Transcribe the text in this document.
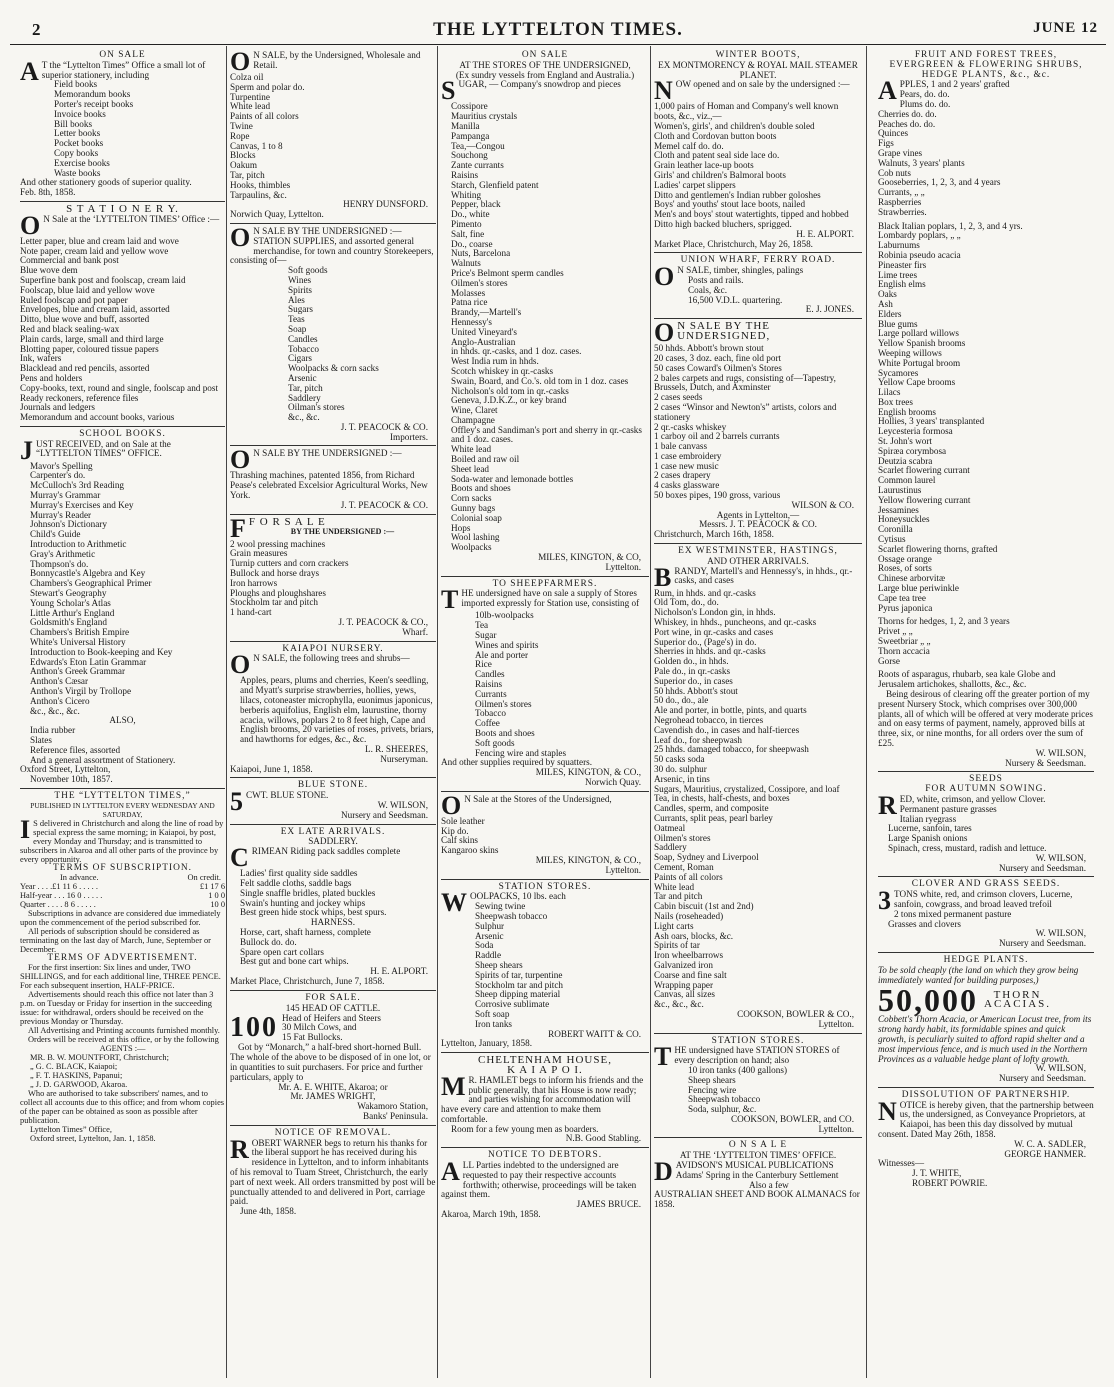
2	THE LYTTELTON TIMES.	JUNE 12
ON SALE

A T the “Lyttelton Times” Office a small lot of superior stationery, including

Field books
Memorandum books
Porter's receipt books
Invoice books
Bill books
Letter books
Pocket books
Copy books
Exercise books
Waste books

And other stationery goods of superior quality.

Feb. 8th, 1858.

S T A T I O N E R Y.

O N Sale at the ‘LYTTELTON TIMES’ Office :—

Letter paper, blue and cream laid and wove
Note paper, cream laid and yellow wove
Commercial and bank post
Blue wove dem
Superfine bank post and foolscap, cream laid
Foolscap, blue laid and yellow wove
Ruled foolscap and pot paper
Envelopes, blue and cream laid, assorted
Ditto, blue wove and buff, assorted
Red and black sealing-wax
Plain cards, large, small and third large
Blotting paper, coloured tissue papers
Ink, wafers
Blacklead and red pencils, assorted
Pens and holders
Copy-books, text, round and single, foolscap and post
Ready reckoners, reference files
Journals and ledgers
Memorandum and account books, various
SCHOOL BOOKS.

JUST RECEIVED, and on Sale at the “LYTTELTON TIMES” OFFICE.

Mavor's Spelling
Carpenter's do.
McCulloch's 3rd Reading
Murray's Grammar
Murray's Exercises and Key
Murray's Reader
Johnson's Dictionary
Child's Guide
Introduction to Arithmetic
Gray's Arithmetic
Thompson's do.
Bonnycastle's Algebra and Key
Chambers's Geographical Primer
Stewart's Geography
Young Scholar's Atlas
Little Arthur's England
Goldsmith's England
Chambers's British Empire
White's Universal History
Introduction to Book-keeping and Key
Edwards's Eton Latin Grammar
Anthon's Greek Grammar
Anthon's Cæsar
Anthon's Virgil by Trollope
Anthon's Cicero
&c., &c., &c.
ALSO,
India rubber
Slates
Reference files, assorted
And a general assortment of Stationery.

Oxford Street, Lyttelton,

November 10th, 1857.

THE “LYTTELTON TIMES,”
PUBLISHED IN LYTTELTON EVERY WEDNESDAY AND SATURDAY,

I S delivered in Christchurch and along the line of road by special express the same morning; in Kaiapoi, by post, every Monday and Thursday; and is transmitted to subscribers in Akaroa and all other parts of the province by every opportunity.

TERMS OF SUBSCRIPTION.
In advance.	On credit.
Year . . . .£1 11 6 . . . . .	£1 17 6
Half-year . . . 16 0 . . . . .	1 0 0
Quarter . . . . 8 6 . . . . .	10 0

Subscriptions in advance are considered due immediately upon the commencement of the period subscribed for.

All periods of subscription should be considered as terminating on the last day of March, June, September or December.

TERMS OF ADVERTISEMENT.

For the first insertion: Six lines and under, TWO SHILLINGS, and for each additional line, THREE PENCE. For each subsequent insertion, HALF-PRICE.

Advertisements should reach this office not later than 3 p.m. on Tuesday or Friday for insertion in the succeeding issue: for withdrawal, orders should be received on the previous Monday or Thursday.

All Advertising and Printing accounts furnished monthly.

Orders will be received at this office, or by the following

AGENTS :—
MR. B. W. MOUNTFORT, Christchurch;
„ G. C. BLACK, Kaiapoi;
„ F. T. HASKINS, Papanui;
„ J. D. GARWOOD, Akaroa.

Who are authorised to take subscribers' names, and to collect all accounts due to this office; and from whom copies of the paper can be obtained as soon as possible after publication.

Lyttelton Times” Office,

Oxford street, Lyttelton, Jan. 1, 1858.

O N SALE, by the Undersigned, Wholesale and Retail.

Colza oil
Sperm and polar do.
Turpentine
White lead
Paints of all colors
Twine
Rope
Canvas, 1 to 8
Blocks
Oakum
Tar, pitch
Hooks, thimbles
Tarpaulins, &c.
HENRY DUNSFORD.

Norwich Quay, Lyttelton.

O N SALE BY THE UNDERSIGNED :—

STATION SUPPLIES, and assorted general merchandise, for town and country Storekeepers, consisting of—

Soft goods
Wines
Spirits
Ales
Sugars
Teas
Soap
Candles
Tobacco
Cigars
Woolpacks & corn sacks
Arsenic
Tar, pitch
Saddlery
Oilman's stores
&c., &c.
J. T. PEACOCK & CO.
Importers.

O N SALE BY THE UNDERSIGNED :—

Thrashing machines, patented 1856, from Richard Pease's celebrated Excelsior Agricultural Works, New York.

J. T. PEACOCK & CO.

F F O R S A L E

BY THE UNDERSIGNED :—
2 wool pressing machines
Grain measures
Turnip cutters and corn crackers
Bullock and horse drays
Iron harrows
Ploughs and ploughshares
Stockholm tar and pitch
1 hand-cart
J. T. PEACOCK & CO.,
Wharf.
KAIAPOI NURSERY.

O N SALE, the following trees and shrubs—

Apples, pears, plums and cherries, Keen's seedling, and Myatt's surprise strawberries, hollies, yews, lilacs, cotoneaster microphylla, euonimus japonicus, berberis aquifolius, English elm, laurustine, thorny acacia, willows, poplars 2 to 8 feet high, Cape and English brooms, 20 varieties of roses, privets, briars, and hawthorns for edges, &c., &c.

L. R. SHEERES,
Nurseryman.

Kaiapoi, June 1, 1858.

BLUE STONE.

5 CWT. BLUE STONE.

W. WILSON,
Nursery and Seedsman.
EX LATE ARRIVALS.
SADDLERY.

CRIMEAN Riding pack saddles complete

Ladies' first quality side saddles
Felt saddle cloths, saddle bags
Single snaffle bridles, plated buckles
Swain's hunting and jockey whips
Best green hide stock whips, best spurs.
HARNESS.
Horse, cart, shaft harness, complete
Bullock do. do.
Spare open cart collars
Best gut and bone cart whips.
H. E. ALPORT.

Market Place, Christchurch, June 7, 1858.

FOR SALE.
145 HEAD OF CATTLE.
100 Head of Heifers and Steers
30 Milch Cows, and
15 Fat Bullocks.

Got by “Monarch,” a half-bred short-horned Bull. The whole of the above to be disposed of in one lot, or in quantities to suit purchasers. For price and further particulars, apply to

Mr. A. E. WHITE, Akaroa; or
Mr. JAMES WRIGHT,
Wakamoro Station,
Banks' Peninsula.
NOTICE OF REMOVAL.

ROBERT WARNER begs to return his thanks for the liberal support he has received during his residence in Lyttelton, and to inform inhabitants of his removal to Tuam Street, Christchurch, the early part of next week. All orders transmitted by post will be punctually attended to and delivered in Port, carriage paid.

June 4th, 1858.

ON SALE
AT THE STORES OF THE UNDERSIGNED,
(Ex sundry vessels from England and Australia.)

SUGAR, — Company's snowdrop and pieces

Cossipore
Mauritius crystals
Manilla
Pampanga
Tea,—Congou
Souchong
Zante currants
Raisins
Starch, Glenfield patent
Whiting
Pepper, black
Do., white
Pimento
Salt, fine
Do., coarse
Nuts, Barcelona
Walnuts
Price's Belmont sperm candles
Oilmen's stores
Molasses
Patna rice
Brandy,—Martell's
Hennessy's
United Vineyard's
Anglo-Australian
in hhds. qr.-casks, and 1 doz. cases.
West India rum in hhds.
Scotch whiskey in qr.-casks
Swain, Board, and Co.'s. old tom in 1 doz. cases
Nicholson's old tom in qr.-casks
Geneva, J.D.K.Z., or key brand
Wine, Claret
Champagne
Offley's and Sandiman's port and sherry in qr.-casks and 1 doz. cases.
White lead
Boiled and raw oil
Sheet lead
Soda-water and lemonade bottles
Boots and shoes
Corn sacks
Gunny bags
Colonial soap
Hops
Wool lashing
Woolpacks
MILES, KINGTON, & CO,
Lyttelton.
TO SHEEPFARMERS.

THE undersigned have on sale a supply of Stores imported expressly for Station use, consisting of

10lb-woolpacks
Tea
Sugar
Wines and spirits
Ale and porter
Rice
Candles
Raisins
Currants
Oilmen's stores
Tobacco
Coffee
Boots and shoes
Soft goods
Fencing wire and staples

And other supplies required by squatters.

MILES, KINGTON, & CO.,
Norwich Quay.

O N Sale at the Stores of the Undersigned,

Sole leather
Kip do.
Calf skins
Kangaroo skins
MILES, KINGTON, & CO.,
Lyttelton.
STATION STORES.

WOOLPACKS, 10 lbs. each

Sewing twine
Sheepwash tobacco
Sulphur
Arsenic
Soda
Raddle
Sheep shears
Spirits of tar, turpentine
Stockholm tar and pitch
Sheep dipping material
Corrosive sublimate
Soft soap
Iron tanks
ROBERT WAITT & CO.

Lyttelton, January, 1858.

CHELTENHAM HOUSE,
K A I A P O I.

M R. HAMLET begs to inform his friends and the public generally, that his House is now ready; and parties wishing for accommodation will have every care and attention to make them comfortable.

Room for a few young men as boarders.

N.B. Good Stabling.
NOTICE TO DEBTORS.

ALL Parties indebted to the undersigned are requested to pay their respective accounts forthwith; otherwise, proceedings will be taken against them.

JAMES BRUCE.

Akaroa, March 19th, 1858.

WINTER BOOTS,
EX MONTMORENCY & ROYAL MAIL STEAMER PLANET.

NOW opened and on sale by the undersigned :—

1,000 pairs of Homan and Company's well known boots, &c., viz.,—
Women's, girls', and children's double soled
Cloth and Cordovan button boots
Memel calf do. do.
Cloth and patent seal side lace do.
Grain leather lace-up boots
Girls' and children's Balmoral boots
Ladies' carpet slippers
Ditto and gentlemen's Indian rubber goloshes
Boys' and youths' stout lace boots, nailed
Men's and boys' stout watertights, tipped and hobbed
Ditto high backed bluchers, sprigged.
H. E. ALPORT.

Market Place, Christchurch, May 26, 1858.

UNION WHARF, FERRY ROAD.

O N SALE, timber, shingles, palings

Posts and rails.
Coals, &c.
16,500 V.D.L. quartering.
E. J. JONES.

O N SALE BY THE UNDERSIGNED,

50 hhds. Abbott's brown stout
20 cases, 3 doz. each, fine old port
50 cases Coward's Oilmen's Stores
2 bales carpets and rugs, consisting of—Tapestry, Brussels, Dutch, and Axminster
2 cases seeds
2 cases “Winsor and Newton's” artists, colors and stationery
2 qr.-casks whiskey
1 carboy oil and 2 barrels currants
1 bale canvass
1 case embroidery
1 case new music
2 cases drapery
4 casks glassware
50 boxes pipes, 190 gross, various
WILSON & CO.
Agents in Lyttelton,—
Messrs. J. T. PEACOCK & CO.

Christchurch, March 16th, 1858.

EX WESTMINSTER, HASTINGS,
AND OTHER ARRIVALS.

BRANDY, Martell's and Hennessy's, in hhds., qr.-casks, and cases

Rum, in hhds. and qr.-casks
Old Tom, do., do.
Nicholson's London gin, in hhds.
Whiskey, in hhds., puncheons, and qr.-casks
Port wine, in qr.-casks and cases
Superior do., (Page's) in do.
Sherries in hhds. and qr.-casks
Golden do., in hhds.
Pale do., in qr.-casks
Superior do., in cases
50 hhds. Abbott's stout
50 do., do., ale
Ale and porter, in bottle, pints, and quarts
Negrohead tobacco, in tierces
Cavendish do., in cases and half-tierces
Leaf do., for sheepwash
25 hhds. damaged tobacco, for sheepwash
50 casks soda
30 do. sulphur
Arsenic, in tins
Sugars, Mauritius, crystalized, Cossipore, and loaf
Tea, in chests, half-chests, and boxes
Candles, sperm, and composite
Currants, split peas, pearl barley
Oatmeal
Oilmen's stores
Saddlery
Soap, Sydney and Liverpool
Cement, Roman
Paints of all colors
White lead
Tar and pitch
Cabin biscuit (1st and 2nd)
Nails (roseheaded)
Light carts
Ash oars, blocks, &c.
Spirits of tar
Iron wheelbarrows
Galvanized iron
Coarse and fine salt
Wrapping paper
Canvas, all sizes
&c., &c., &c.
COOKSON, BOWLER & CO.,
Lyttelton.
STATION STORES.

THE undersigned have STATION STORES of every description on hand; also

10 iron tanks (400 gallons)
Sheep shears
Fencing wire
Sheepwash tobacco
Soda, sulphur, &c.
COOKSON, BOWLER, and CO.
Lyttelton.
O N S A L E
AT THE ‘LYTTELTON TIMES’ OFFICE.

DAVIDSON'S MUSICAL PUBLICATIONS

Adams' Spring in the Canterbury Settlement

Also a few

AUSTRALIAN SHEET AND BOOK ALMANACS for 1858.

FRUIT AND FOREST TREES,
EVERGREEN & FLOWERING SHRUBS,
HEDGE PLANTS, &c., &c.

APPLES, 1 and 2 years' grafted

Pears, do. do.
Plums do. do.
Cherries do. do.
Peaches do. do.
Quinces
Figs
Grape vines
Walnuts, 3 years' plants
Cob nuts
Gooseberries, 1, 2, 3, and 4 years
Currants, „ „
Raspberries
Strawberries.
Black Italian poplars, 1, 2, 3, and 4 yrs.
Lombardy poplars, „ „
Laburnums
Robinia pseudo acacia
Pineaster firs
Lime trees
English elms
Oaks
Ash
Elders
Blue gums
Large pollard willows
Yellow Spanish brooms
Weeping willows
White Portugal broom
Sycamores
Yellow Cape brooms
Lilacs
Box trees
English brooms
Hollies, 3 years' transplanted
Leycesteria formosa
St. John's wort
Spiræa corymbosa
Deutzia scabra
Scarlet flowering currant
Common laurel
Laurustinus
Yellow flowering currant
Jessamines
Honeysuckles
Coronilla
Cytisus
Scarlet flowering thorns, grafted
Ossage orange
Roses, of sorts
Chinese arborvitæ
Large blue periwinkle
Cape tea tree
Pyrus japonica
Thorns for hedges, 1, 2, and 3 years
Privet „ „
Sweetbriar „ „
Thorn accacia
Gorse

Roots of asparagus, rhubarb, sea kale Globe and Jerusalem artichokes, shallotts, &c., &c.

Being desirous of clearing off the greater portion of my present Nursery Stock, which comprises over 300,000 plants, all of which will be offered at very moderate prices and on easy terms of payment, namely, approved bills at three, six, or nine months, for all orders over the sum of £25.

W. WILSON,
Nursery & Seedsman.
SEEDS
FOR AUTUMN SOWING.

RED, white, crimson, and yellow Clover.

Permanent pasture grasses
Italian ryegrass
Lucerne, sanfoin, tares
Large Spanish onions
Spinach, cress, mustard, radish and lettuce.
W. WILSON,
Nursery and Seedsman.
CLOVER AND GRASS SEEDS.

3 TONS white, red, and crimson clovers, Lucerne, sanfoin, cowgrass, and broad leaved trefoil

2 tons mixed permanent pasture
Grasses and clovers
W. WILSON,
Nursery and Seedsman.
HEDGE PLANTS.

To be sold cheaply (the land on which they grow being immediately wanted for building purposes,)

50,000	THORN
ACACIAS.

Cobbett's Thorn Acacia, or American Locust tree, from its strong hardy habit, its formidable spines and quick growth, is peculiarly suited to afford rapid shelter and a most impervious fence, and is much used in the Northern Provinces as a valuable hedge plant of lofty growth.

W. WILSON,
Nursery and Seedsman.
DISSOLUTION OF PARTNERSHIP.

NOTICE is hereby given, that the partnership between us, the undersigned, as Conveyance Proprietors, at Kaiapoi, has been this day dissolved by mutual consent. Dated May 26th, 1858.

W. C. A. SADLER,
GEORGE HANMER.

Witnesses—

J. T. WHITE,

ROBERT POWRIE.
